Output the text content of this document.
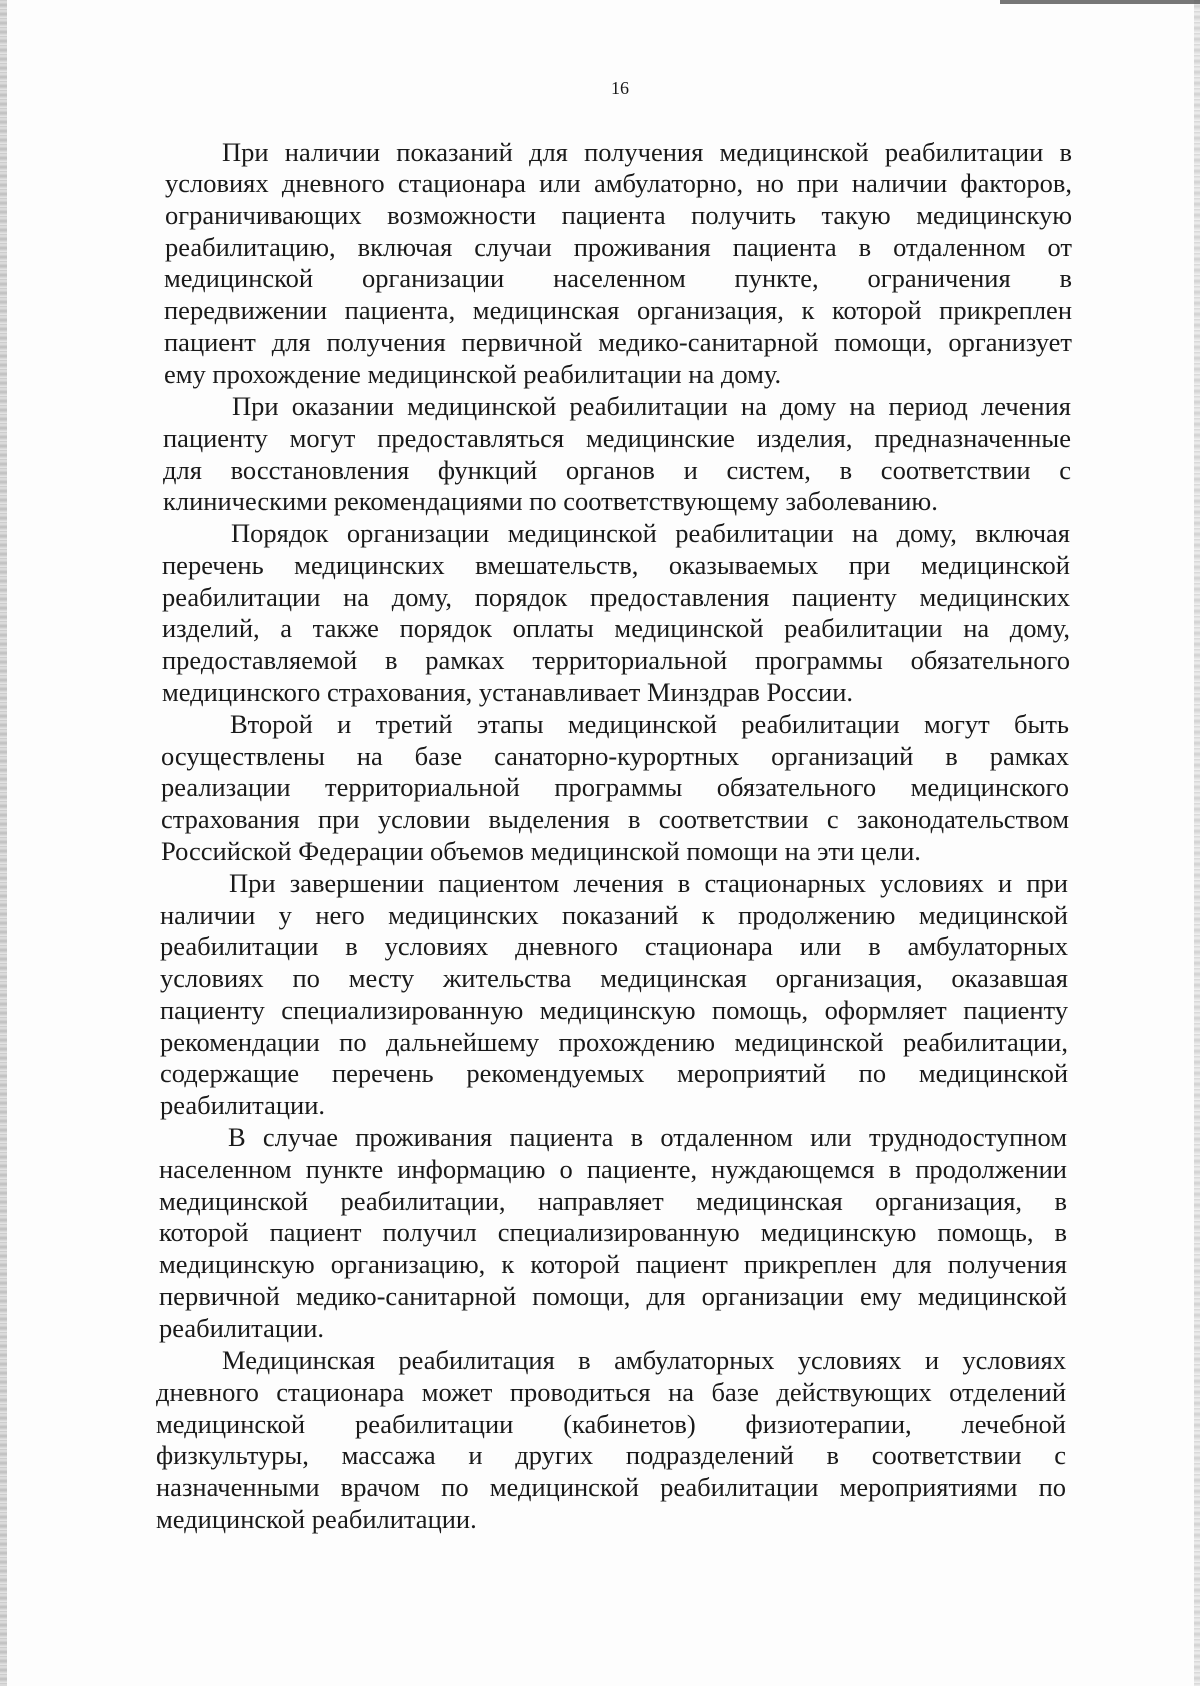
16
При наличии показаний для получения медицинской реабилитации в
условиях дневного стационара или амбулаторно, но при наличии факторов,
ограничивающих возможности пациента получить такую медицинскую
реабилитацию, включая случаи проживания пациента в отдаленном от
медицинской организации населенном пункте, ограничения в
передвижении пациента, медицинская организация, к которой прикреплен
пациент для получения первичной медико-санитарной помощи, организует
ему прохождение медицинской реабилитации на дому.
При оказании медицинской реабилитации на дому на период лечения
пациенту могут предоставляться медицинские изделия, предназначенные
для восстановления функций органов и систем, в соответствии с
клиническими рекомендациями по соответствующему заболеванию.
Порядок организации медицинской реабилитации на дому, включая
перечень медицинских вмешательств, оказываемых при медицинской
реабилитации на дому, порядок предоставления пациенту медицинских
изделий, а также порядок оплаты медицинской реабилитации на дому,
предоставляемой в рамках территориальной программы обязательного
медицинского страхования, устанавливает Минздрав России.
Второй и третий этапы медицинской реабилитации могут быть
осуществлены на базе санаторно-курортных организаций в рамках
реализации территориальной программы обязательного медицинского
страхования при условии выделения в соответствии с законодательством
Российской Федерации объемов медицинской помощи на эти цели.
При завершении пациентом лечения в стационарных условиях и при
наличии у него медицинских показаний к продолжению медицинской
реабилитации в условиях дневного стационара или в амбулаторных
условиях по месту жительства медицинская организация, оказавшая
пациенту специализированную медицинскую помощь, оформляет пациенту
рекомендации по дальнейшему прохождению медицинской реабилитации,
содержащие перечень рекомендуемых мероприятий по медицинской
реабилитации.
В случае проживания пациента в отдаленном или труднодоступном
населенном пункте информацию о пациенте, нуждающемся в продолжении
медицинской реабилитации, направляет медицинская организация, в
которой пациент получил специализированную медицинскую помощь, в
медицинскую организацию, к которой пациент прикреплен для получения
первичной медико-санитарной помощи, для организации ему медицинской
реабилитации.
Медицинская реабилитация в амбулаторных условиях и условиях
дневного стационара может проводиться на базе действующих отделений
медицинской реабилитации (кабинетов) физиотерапии, лечебной
физкультуры, массажа и других подразделений в соответствии с
назначенными врачом по медицинской реабилитации мероприятиями по
медицинской реабилитации.
